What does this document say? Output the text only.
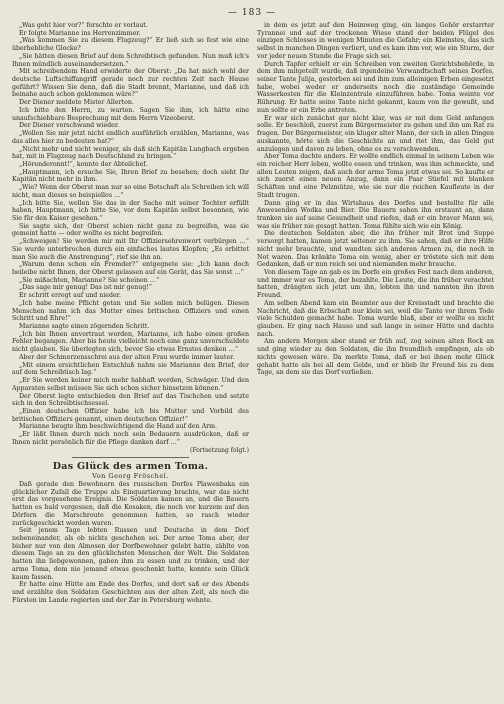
— 183 —

„Was geht hier vor?“ forschte er vorlaut.

Er folgte Marianne ins Herrenzimmer.

„Was kommen Sie zu diesem Flugzeug?“ Er ließ sich so fest wie eine überhebliche Glocke?

„Sie hätten diesen Brief auf dem Schreibtisch gefunden. Nun muß ich's Ihnen mündlich auseinandersetzen.“

Mit schreibendem Hand erwiderte der Oberst: „Da hat mich wohl der deutsche Luftschiffangriff gerade noch zur rechten Zeit nach Hause geführt? Wissen Sie denn, daß die Stadt brennt, Marianne, und daß ich beinahe auch schon geklommen wäre?“

Der Diener meldete Mister Allerton.

Ich bitte den Herrn, zu warten. Sagen Sie ihm, ich hätte eine unaufschiebbare Besprechung mit dem Herrn Vizeoberst.

Der Diener verschwand wieder.

„Wollen Sie mir jetzt nicht endlich ausführlich erzählen, Marianne, was das alles hier zu bedeuten hat?“

„Nicht mehr und nicht weniger, als daß sich Kapitän Lungbach ergeben hat, mit in Flugzeug nach Deutschland zu bringen.“

„Hörenderonnt!“, konnte der Abteilchef.

„Hauptmann, ich ersuche Sie, Ihren Brief zu besehen; doch sieht Ihr Kapitän nicht mehr in ihm.

„Wie? Wenn der Oberst man nur so eine Botschaft als Schreiben ich will nicht, man dieses so beispiellos …“

„Ich bitte Sie, wollen Sie das in der Sache mit seiner Tochter erfüllt haben, Hauptmann, ich bitte Sie, vor dem Kapitän selbst besonnen, wie Sie für den Kaiser gesehen.“

Sie sagte sich, der Oberst schien nicht ganz zu begreifen, was sie gemeint hatte — oder wollte es nicht begreifen.

„Schweigen! Sie werden mir mit Ihr Offiziersehrenwort verbürgen …“ Sie wurde unterbrochen durch ein einfaches lautes Klopfen; „Es erbittet man Sie auch die Anstrengung“, rief sie ihn an.

„Warum denn schon ein Fremder?“ entgegnete sie: „Ich kann doch beileibe nicht Ihnen, der Oberst gelassen auf ein Gerät, das Sie sonst …“

„Sie mißachten, Marianne? Sie scheinen …“

„Das sage mir genug! Das ist mir genug!“

Er schritt erregt auf und nieder.

„Ich habe meine Pflicht getan und Sie sollen mich belügen. Diesen Menschen nahm ich das Mutter eines britischen Offiziers und einen Schritt und Ehre!“

Marianne sagte einen zögernden Schritt.

„Ich bin Ihnen anvertraut worden, Marianne, ich habe einen großen Fehler begangen. Aber bis heute vielleicht noch eine ganz unverschuldete nicht glauben. Sie überlegten sich, bevor Sie etwas Ernstes denken …“

Aber der Schmerzensschrei aus der alten Frau wurde immer lauter.

„Mit einem ersichtlichen Entschluß nahm sie Marianne den Brief, der auf dem Schreibtisch lag.“

„Er Sie werden keiner mich mehr habhaft werden, Schwäger. Und den Apparaten selbst müssen Sie sich schon sicher hinsetzen können.“

Der Oberst legte entschieden den Brief auf das Tischchen und setzte sich in den Schreibtischsessel.

„Einen deutschen Offizier habe ich bis Mutter und Vorbild des britischen Offiziers genannt, einen deutschen Offizier!“

Marianne beugte ihm beschwichtigend die Hand auf den Arm.

„Er läßt Ihnen durch mich noch sein Bedauern ausdrücken, daß er Ihnen nicht persönlich für die Pflege danken darf …“

(Fortsetzung folgt.)

Das Glück des armen Toma.

Von Georg Fröschel.

Daß gerade den Bewohnern des russischen Dorfes Plawenbaka ein glücklicher Zufall die Truppe als Einquartierung brachte, war das nicht erst das vorgesehene Ereignis. Die Soldaten kamen an, und die Bauern hatten es bald vergessen, daß die Kosaken, die noch vor kurzem auf den Dörfern die Marschroute genommen hatten, so rasch wieder zurückgeschickt worden waren.

Seit jenem Tage lebten Russen und Deutsche in dem Dorf nebeneinander, als ob nichts geschehen sei. Der arme Toma aber, der bisher nur von den Almosen der Dorfbewohner gelebt hatte, zählte von diesem Tage an zu den glücklichsten Menschen der Welt. Die Soldaten hatten ihn liebgewonnen, gaben ihm zu essen und zu trinken, und der arme Toma, dem nie jemand etwas geschenkt hatte, konnte sein Glück kaum fassen.

Er hatte eine Hütte am Ende des Dorfes, und dort saß er des Abends und erzählte den Soldaten Geschichten aus der alten Zeit, als noch die Fürsten im Lande regierten und der Zar in Petersburg wohnte.

in dem es jetzt auf den Heimweg ging, ein langes Gehör erstarrter Tyrannei und auf der trockenen Wiese stand der beiden Flügel des einzigen Schlosses in wenigen Minuten die Gefahr; ein Kleinstes, das sich selbst in manchen Dingen verliert, und es kam ihm vor, wie ein Sturm, der vor jeder neuen Stunde die Frage sich sei.

Durch Tapfer erhielt er ein Schreiben von zweiten Gerichtsbehörde, in dem ihm mitgeteilt wurde, daß irgendeine Verwandtschaft seines Dorfes, seiner Tante Julija, gestorben sei und ihm zum alleinigen Erben eingesetzt habe, wobei weder er anderseits noch die zuständige Gemeinde Wasserkosten für die Kleinzentrale einzuführen habe. Toma weinte vor Rührung. Er hatte seine Tante nicht gekannt, kaum von ihr gewußt, und nun sollte er ein Erbe antreten.

Er war sich zunächst gar nicht klar, was er mit dem Geld anfangen solle. Er beschloß, zuerst zum Bürgermeister zu gehen und ihn um Rat zu fragen. Der Bürgermeister, ein kluger alter Mann, der sich in allen Dingen auskannte, hörte sich die Geschichte an und riet ihm, das Geld gut anzulegen und davon zu leben, ohne es zu verschwenden.

Aber Toma dachte anders. Er wollte endlich einmal in seinem Leben wie ein reicher Herr leben, wollte essen und trinken, was ihm schmeckte, und allen Leuten zeigen, daß auch der arme Toma jetzt etwas sei. So kaufte er sich zuerst einen neuen Anzug, dann ein Paar Stiefel mit blanken Schäften und eine Pelzmütze, wie sie nur die reichen Kaufleute in der Stadt trugen.

Dann ging er in das Wirtshaus des Dorfes und bestellte für alle Anwesenden Wodka und Bier. Die Bauern sahen ihn erstaunt an, dann tranken sie auf seine Gesundheit und riefen, daß er ein braver Mann sei, was sie früher nie gesagt hatten. Toma fühlte sich wie ein König.

Die deutschen Soldaten aber, die ihn früher mit Brot und Suppe versorgt hatten, kamen jetzt seltener zu ihm. Sie sahen, daß er ihre Hilfe nicht mehr brauchte, und wandten sich anderen Armen zu, die noch in Not waren. Das kränkte Toma ein wenig, aber er tröstete sich mit dem Gedanken, daß er nun reich sei und niemanden mehr brauche.

Von diesem Tage an gab es im Dorfe ein großes Fest nach dem anderen, und immer war es Toma, der bezahlte. Die Leute, die ihn früher verachtet hatten, drängten sich jetzt um ihn, lobten ihn und nannten ihn ihren Freund.

Am selben Abend kam ein Beamter aus der Kreisstadt und brachte die Nachricht, daß die Erbschaft nur klein sei, weil die Tante vor ihrem Tode viele Schulden gemacht habe. Toma wurde blaß, aber er wollte es nicht glauben. Er ging nach Hause und saß lange in seiner Hütte und dachte nach.

Am andern Morgen aber stand er früh auf, zog seinen alten Rock an und ging wieder zu den Soldaten, die ihn freundlich empfingen, als ob nichts gewesen wäre. Da merkte Toma, daß er bei ihnen mehr Glück gehabt hatte als bei all dem Gelde, und er blieb ihr Freund bis zu dem Tage, an dem sie das Dorf verließen.
